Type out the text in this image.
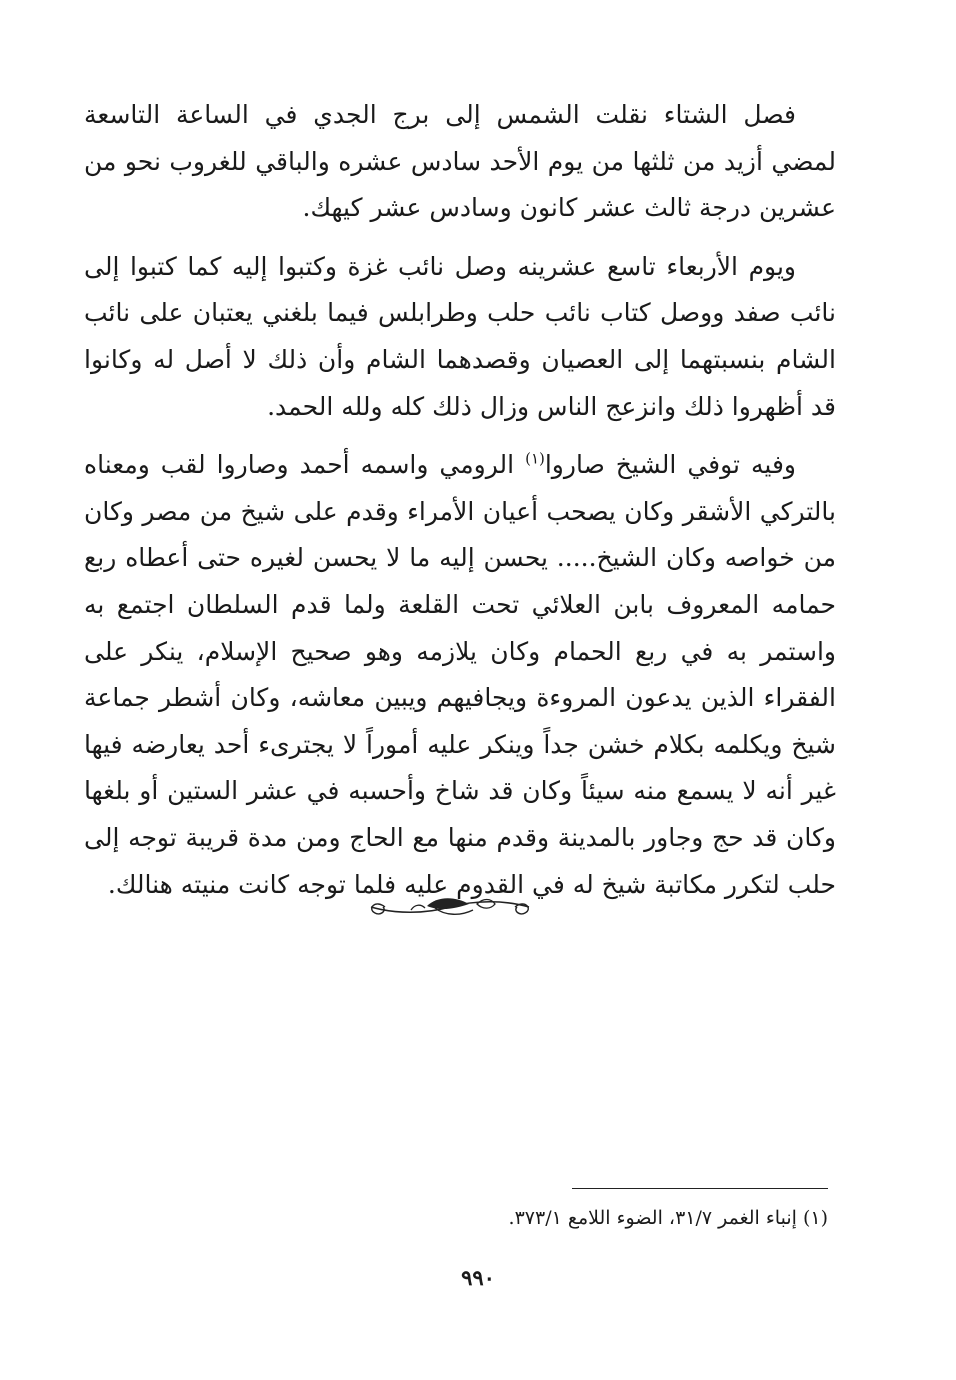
فصل الشتاء نقلت الشمس إلى برج الجدي في الساعة التاسعة لمضي أزيد من ثلثها من يوم الأحد سادس عشره والباقي للغروب نحو من عشرين درجة ثالث عشر كانون وسادس عشر كيهك.

ويوم الأربعاء تاسع عشرينه وصل نائب غزة وكتبوا إليه كما كتبوا إلى نائب صفد ووصل كتاب نائب حلب وطرابلس فيما بلغني يعتبان على نائب الشام بنسبتهما إلى العصيان وقصدهما الشام وأن ذلك لا أصل له وكانوا قد أظهروا ذلك وانزعج الناس وزال ذلك كله ولله الحمد.

وفيه توفي الشيخ صاروا$^{(١)}$ الرومي واسمه أحمد وصاروا لقب ومعناه بالتركي الأشقر وكان يصحب أعيان الأمراء وقدم على شيخ من مصر وكان من خواصه وكان الشيخ..... يحسن إليه ما لا يحسن لغيره حتى أعطاه ربع حمامه المعروف بابن العلائي تحت القلعة ولما قدم السلطان اجتمع به واستمر به في ربع الحمام وكان يلازمه وهو صحيح الإسلام، ينكر على الفقراء الذين يدعون المروءة ويجافيهم ويبين معاشه، وكان أشطر جماعة شيخ ويكلمه بكلام خشن جداً وينكر عليه أموراً لا يجترىء أحد يعارضه فيها غير أنه لا يسمع منه سيئاً وكان قد شاخ وأحسبه في عشر الستين أو بلغها وكان قد حج وجاور بالمدينة وقدم منها مع الحاج ومن مدة قريبة توجه إلى حلب لتكرر مكاتبة شيخ له في القدوم عليه فلما توجه كانت منيته هنالك.

(١) إنباء الغمر ٣١/٧، الضوء اللامع ٣٧٣/١.
٩٩٠
